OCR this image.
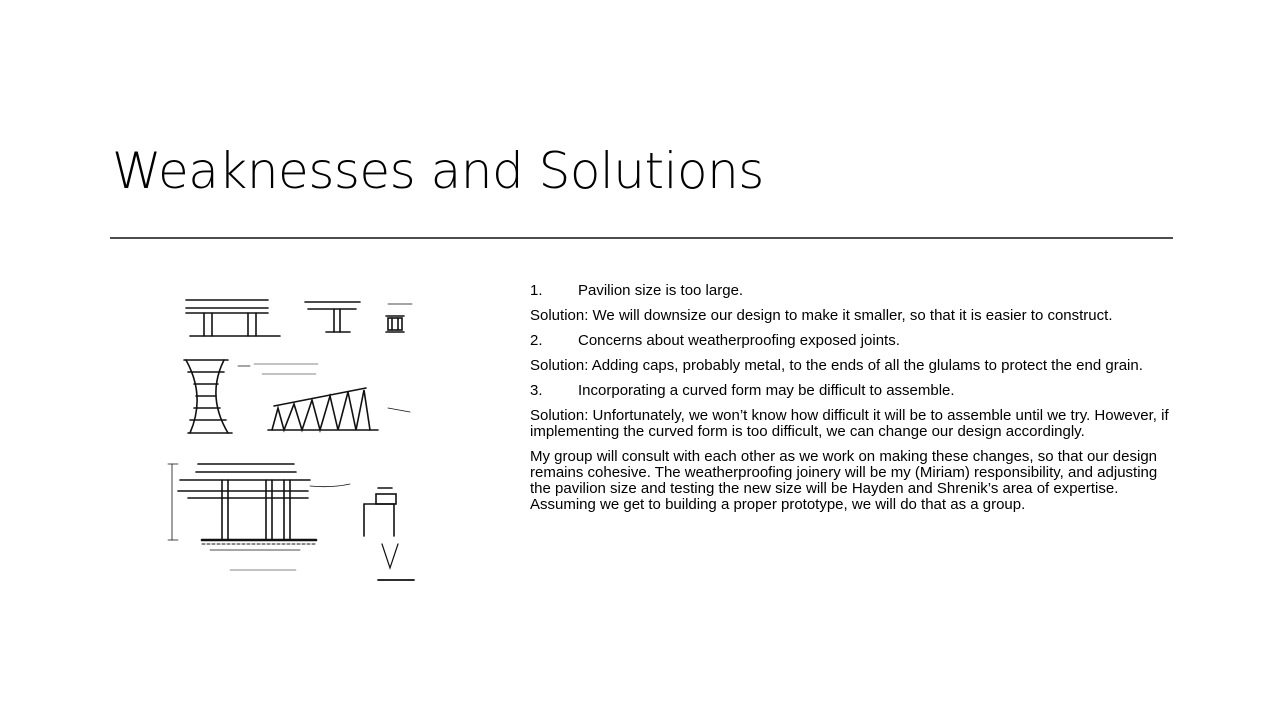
Weaknesses and Solutions
1.	Pavilion size is too large.

Solution: We will downsize our design to make it smaller, so that it is easier to construct.

2.	Concerns about weatherproofing exposed joints.

Solution: Adding caps, probably metal, to the ends of all the glulams to protect the end grain.

3.	Incorporating a curved form may be difficult to assemble.

Solution: Unfortunately, we won’t know how difficult it will be to assemble until we try. However, if implementing the curved form is too difficult, we can change our design accordingly.

My group will consult with each other as we work on making these changes, so that our design remains cohesive. The weatherproofing joinery will be my (Miriam) responsibility, and adjusting the pavilion size and testing the new size will be Hayden and Shrenik’s area of expertise. Assuming we get to building a proper prototype, we will do that as a group.
